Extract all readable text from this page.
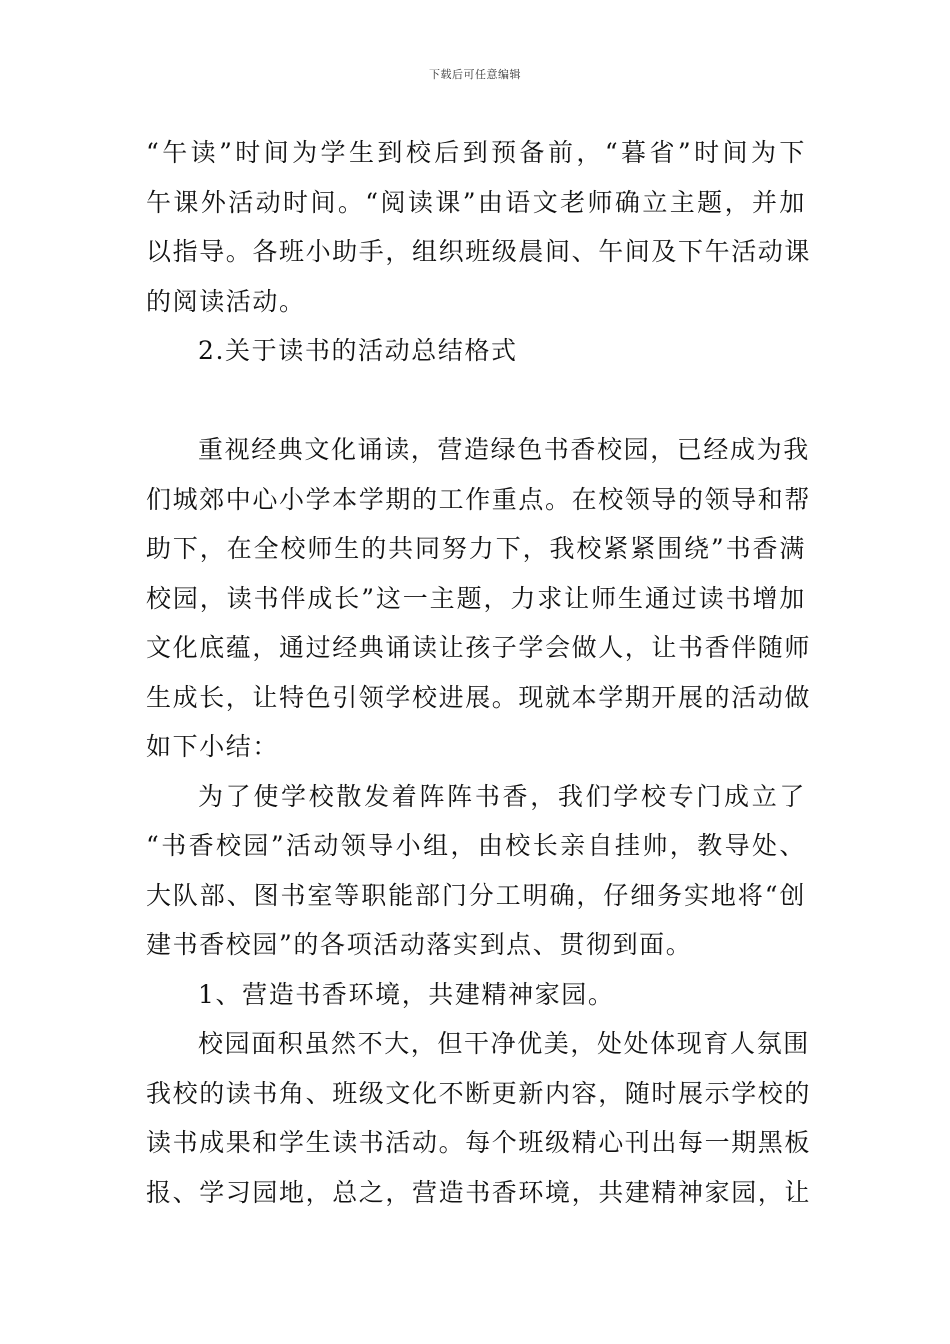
下载后可任意编辑
“午读”时间为学生到校后到预备前，“暮省”时间为下
午课外活动时间。“阅读课”由语文老师确立主题，并加
以指导。各班小助手，组织班级晨间、午间及下午活动课
的阅读活动。
2.关于读书的活动总结格式
重视经典文化诵读，营造绿色书香校园，已经成为我
们城郊中心小学本学期的工作重点。在校领导的领导和帮
助下，在全校师生的共同努力下，我校紧紧围绕”书香满
校园，读书伴成长”这一主题，力求让师生通过读书增加
文化底蕴，通过经典诵读让孩子学会做人，让书香伴随师
生成长，让特色引领学校进展。现就本学期开展的活动做
如下小结：
为了使学校散发着阵阵书香，我们学校专门成立了
“书香校园”活动领导小组，由校长亲自挂帅，教导处、
大队部、图书室等职能部门分工明确，仔细务实地将“创
建书香校园”的各项活动落实到点、贯彻到面。
1、营造书香环境，共建精神家园。
校园面积虽然不大，但干净优美，处处体现育人氛围
我校的读书角、班级文化不断更新内容，随时展示学校的
读书成果和学生读书活动。每个班级精心刊出每一期黑板
报、学习园地，总之，营造书香环境，共建精神家园，让
